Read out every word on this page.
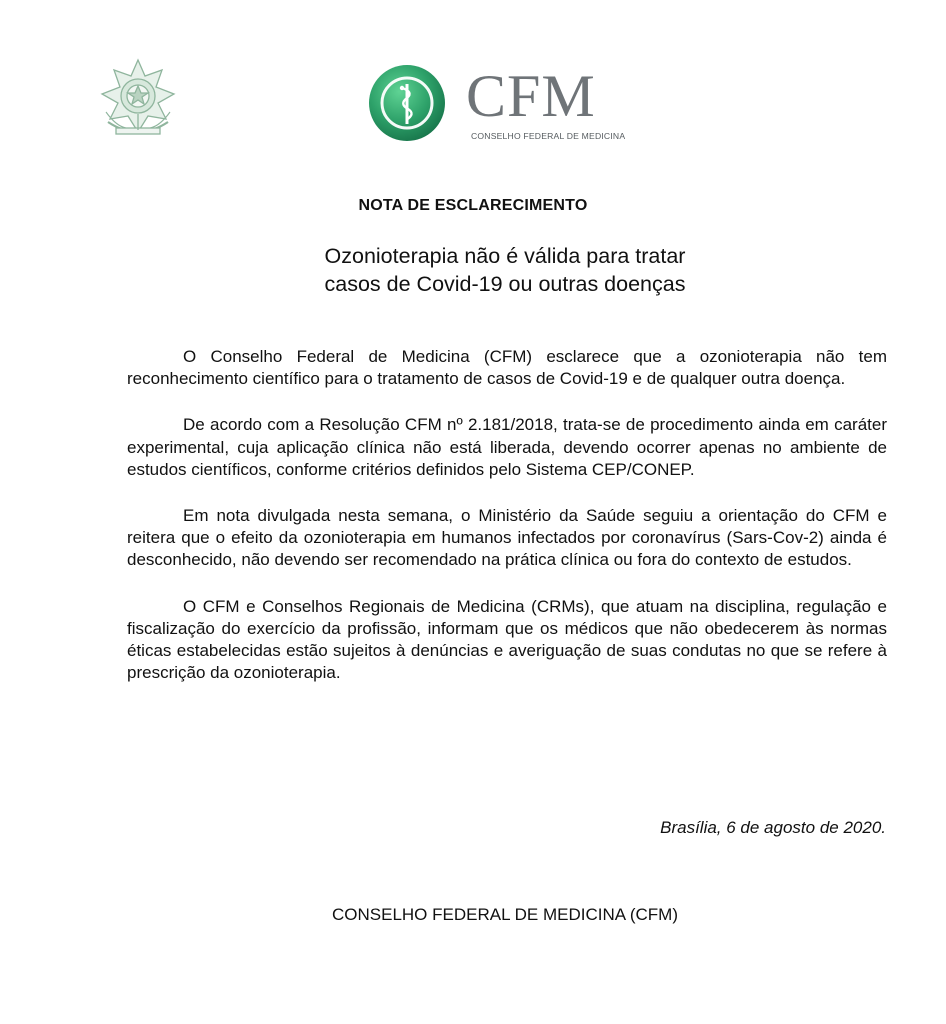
CFM
CONSELHO FEDERAL DE MEDICINA
NOTA DE ESCLARECIMENTO
Ozonioterapia não é válida para tratar
casos de Covid-19 ou outras doenças

O Conselho Federal de Medicina (CFM) esclarece que a ozonioterapia não tem reconhecimento científico para o tratamento de casos de Covid-19 e de qualquer outra doença.

De acordo com a Resolução CFM nº 2.181/2018, trata-se de procedimento ainda em caráter experimental, cuja aplicação clínica não está liberada, devendo ocorrer apenas no ambiente de estudos científicos, conforme critérios definidos pelo Sistema CEP/CONEP.

Em nota divulgada nesta semana, o Ministério da Saúde seguiu a orientação do CFM e reitera que o efeito da ozonioterapia em humanos infectados por coronavírus (Sars-Cov-2) ainda é desconhecido, não devendo ser recomendado na prática clínica ou fora do contexto de estudos.

O CFM e Conselhos Regionais de Medicina (CRMs), que atuam na disciplina, regulação e fiscalização do exercício da profissão, informam que os médicos que não obedecerem às normas éticas estabelecidas estão sujeitos à denúncias e averiguação de suas condutas no que se refere à prescrição da ozonioterapia.

Brasília, 6 de agosto de 2020.
CONSELHO FEDERAL DE MEDICINA (CFM)
